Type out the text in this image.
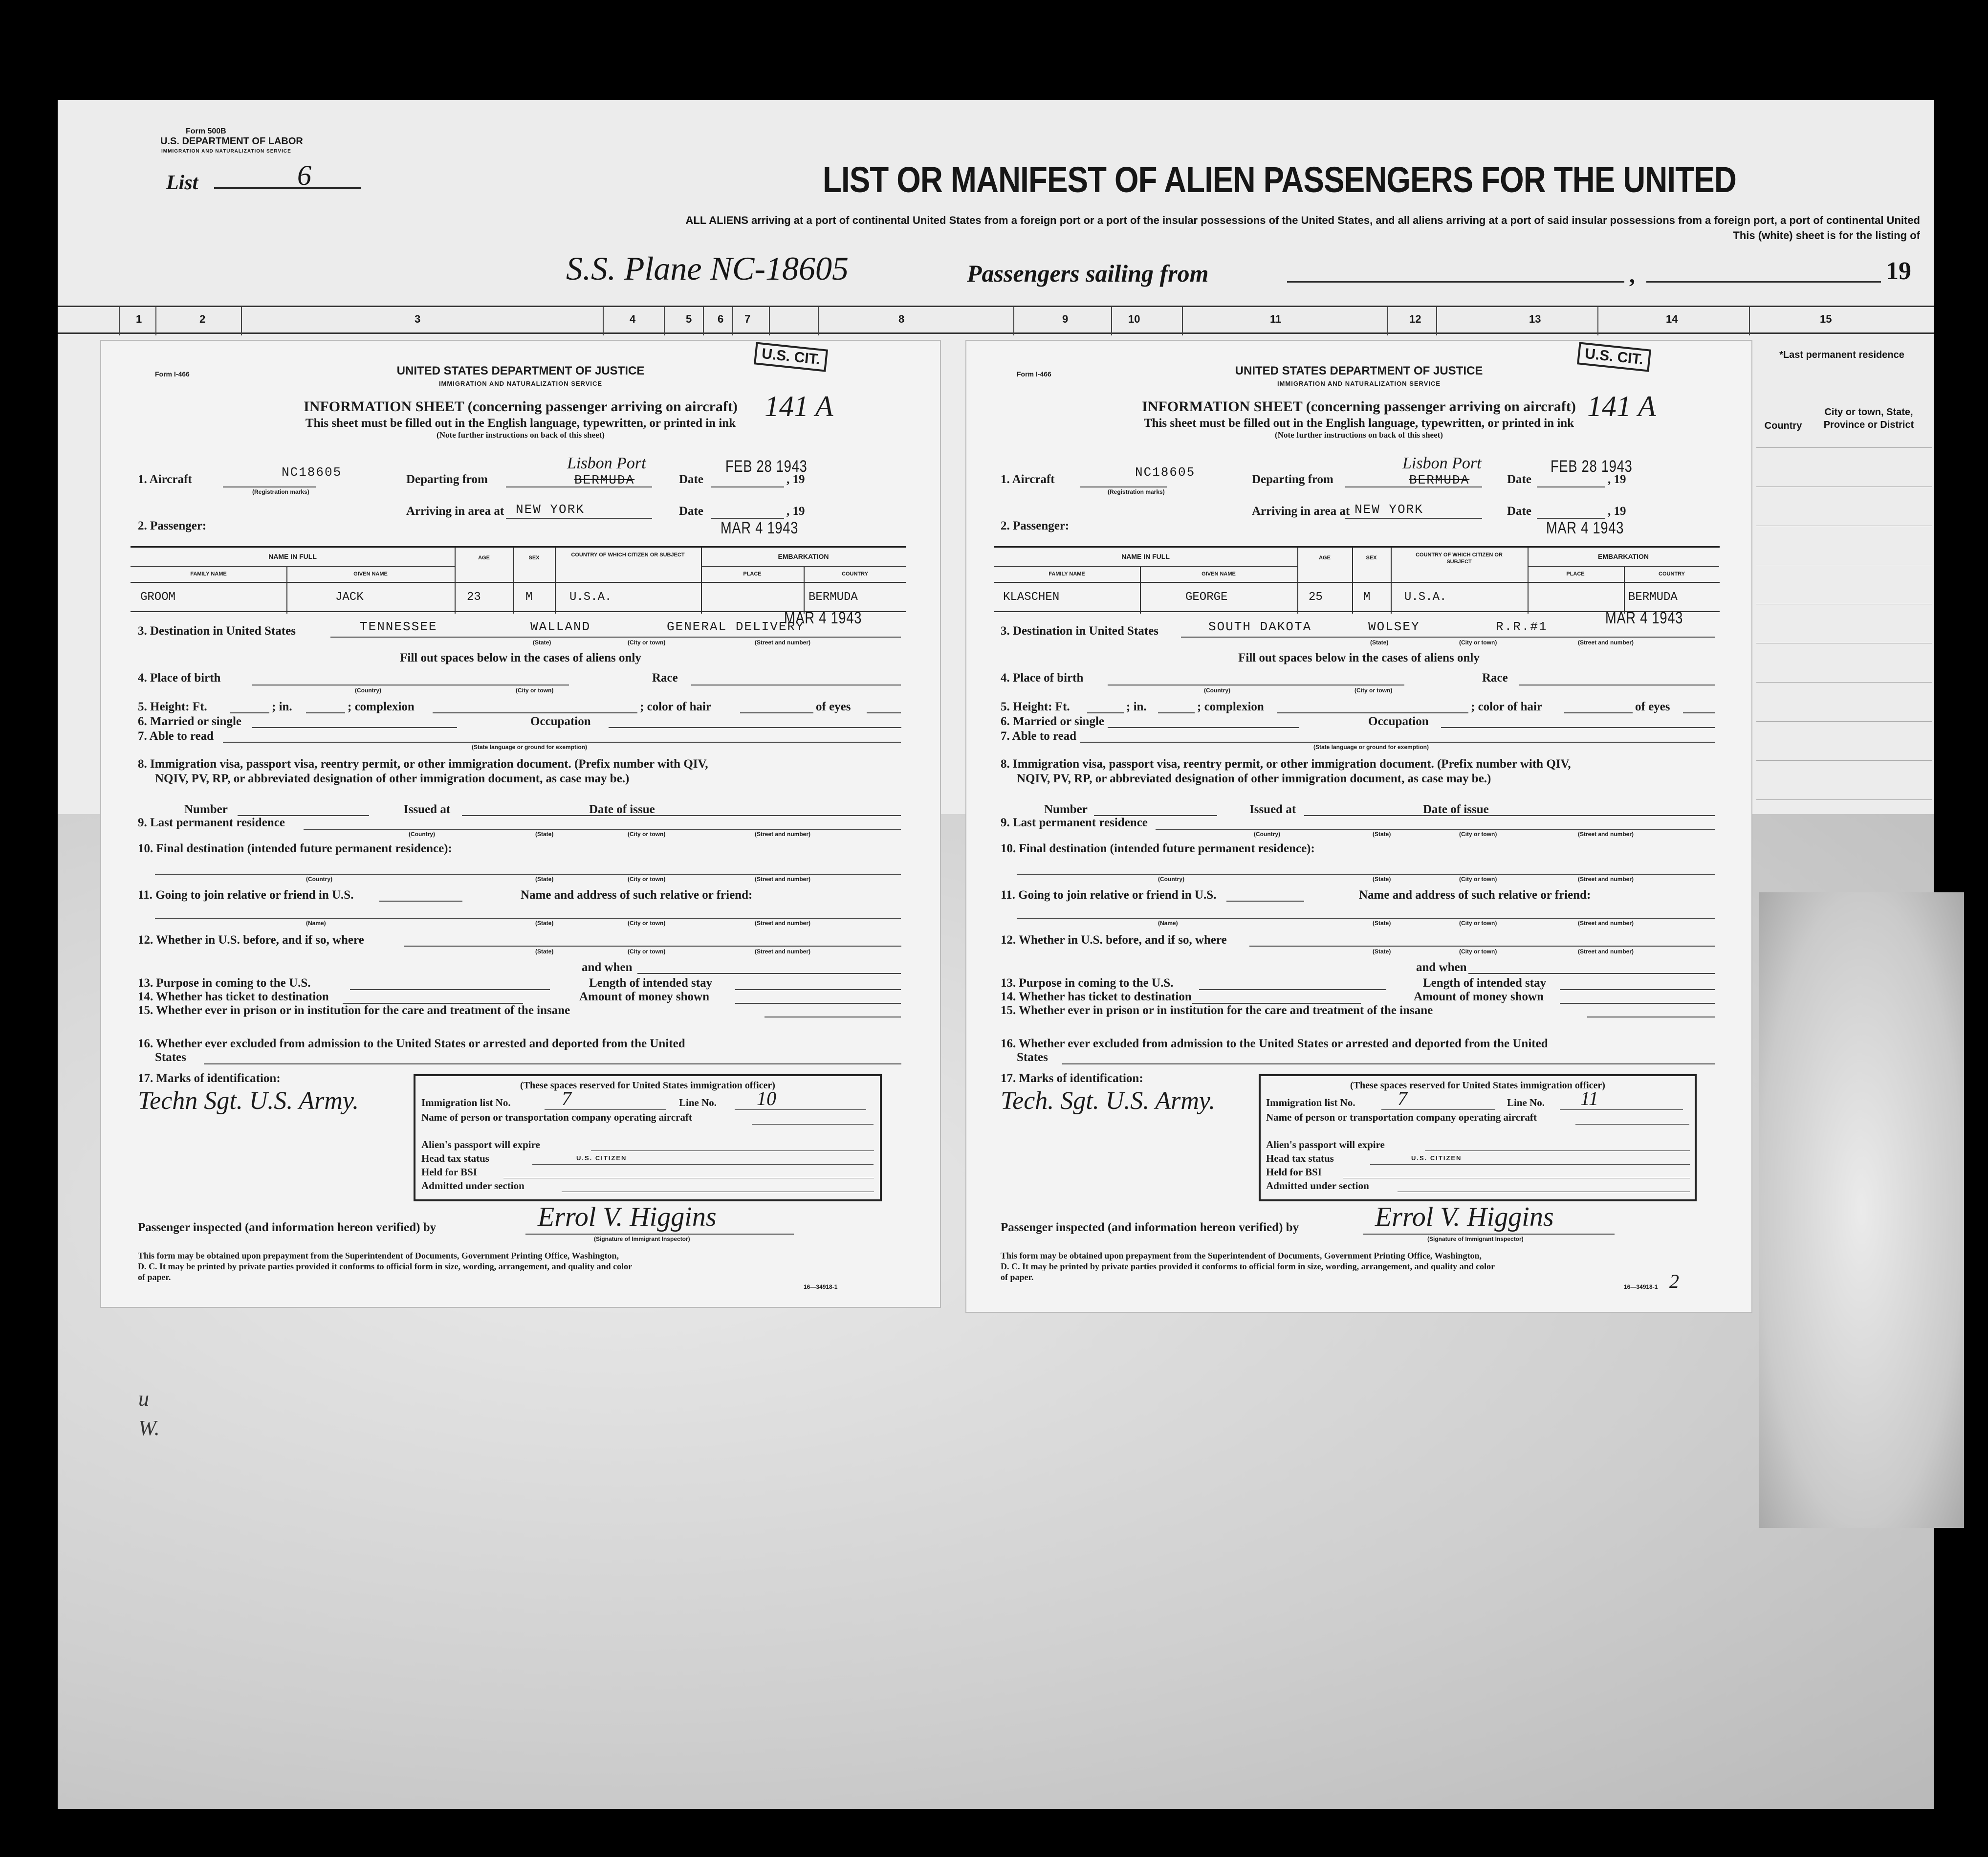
Form 500B
U.S. DEPARTMENT OF LABOR
IMMIGRATION AND NATURALIZATION SERVICE
List	6	LIST OR MANIFEST OF ALIEN PASSENGERS FOR THE UNITED
ALL ALIENS arriving at a port of continental United States from a foreign port or a port of the insular possessions of the United States, and all aliens arriving at a port of said insular possessions from a foreign port, a port of continental United
This (white) sheet is for the listing of
S.S. Plane NC-18605	Passengers sailing from	,	19
1	2	3	4	5 6 7	8	9	10	11	12	13	14	15
*Last permanent residence
Country
City or town, State, Province or District
u
W.
Form I-466	UNITED STATES DEPARTMENT OF JUSTICE
IMMIGRATION AND NATURALIZATION SERVICE
INFORMATION SHEET (concerning passenger arriving on aircraft)
This sheet must be filled out in the English language, typewritten, or printed in ink
(Note further instructions on back of this sheet)
141 A
1. Aircraft	NC18605
(Registration marks)
Departing from	BERMUDA
Lisbon Port
Date	, 19
FEB 28 1943
Arriving in area at NEW YORK	Date	, 19
MAR 4 1943
2. Passenger:
3. Destination in United States	TENNESSEE	WALLAND	GENERAL DELIVERY
MAR 4 1943
(State)	(City or town)	(Street and number)
Fill out spaces below in the cases of aliens only
4. Place of birth	Race
(Country)	(City or town)
5. Height: Ft.	; in.	; complexion	; color of hair	of eyes
6. Married or single	Occupation
7. Able to read
(State language or ground for exemption)
8. Immigration visa, passport visa, reentry permit, or other immigration document. (Prefix number with QIV,
NQIV, PV, RP, or abbreviated designation of other immigration document, as case may be.)
Number	Issued at	Date of issue
9. Last permanent residence
(Country)	(State)	(City or town)	(Street and number)
10. Final destination (intended future permanent residence):
(Country)	(State)	(City or town)	(Street and number)
11. Going to join relative or friend in U.S.	Name and address of such relative or friend:
(Name)	(State)	(City or town)	(Street and number)
12. Whether in U.S. before, and if so, where
(State)	(City or town)	(Street and number)
and when
13. Purpose in coming to the U.S.	Length of intended stay
14. Whether has ticket to destination	Amount of money shown
15. Whether ever in prison or in institution for the care and treatment of the insane
16. Whether ever excluded from admission to the United States or arrested and deported from the United
States
17. Marks of identification:
Techn Sgt. U.S. Army.
Passenger inspected (and information hereon verified) by	Errol V. Higgins
(Signature of Immigrant Inspector)
This form may be obtained upon prepayment from the Superintendent of Documents, Government Printing Office, Washington,
D. C. It may be printed by private parties provided it conforms to official form in size, wording, arrangement, and quality and color
of paper.
16—34918-1
U.S. CIT.
NAME IN FULL
FAMILY NAME	GIVEN NAME
AGE	SEX	COUNTRY OF WHICH CITIZEN OR SUBJECT	EMBARKATION
PLACE	COUNTRY
GROOM	JACK	23	M	U.S.A.	BERMUDA
(These spaces reserved for United States immigration officer)
Immigration list No.	7	Line No. 10
Name of person or transportation company operating aircraft
Alien's passport will expire
Head tax status	U.S. CITIZEN
Held for BSI
Admitted under section
Form I-466	UNITED STATES DEPARTMENT OF JUSTICE
IMMIGRATION AND NATURALIZATION SERVICE
INFORMATION SHEET (concerning passenger arriving on aircraft)
This sheet must be filled out in the English language, typewritten, or printed in ink
(Note further instructions on back of this sheet)
141 A
1. Aircraft	NC18605
(Registration marks)
Departing from	BERMUDA
Lisbon Port
Date	, 19
FEB 28 1943
Arriving in area at NEW YORK	Date	, 19
MAR 4 1943
2. Passenger:
3. Destination in United States	SOUTH DAKOTA	WOLSEY	R.R.#1	MAR 4 1943
(State)	(City or town)	(Street and number)
Fill out spaces below in the cases of aliens only
4. Place of birth	Race
(Country)	(City or town)
5. Height: Ft.	; in.	; complexion	; color of hair	of eyes
6. Married or single	Occupation
7. Able to read
(State language or ground for exemption)
8. Immigration visa, passport visa, reentry permit, or other immigration document. (Prefix number with QIV,
NQIV, PV, RP, or abbreviated designation of other immigration document, as case may be.)
Number	Issued at	Date of issue
9. Last permanent residence
(Country)	(State)	(City or town)	(Street and number)
10. Final destination (intended future permanent residence):
(Country)	(State)	(City or town)	(Street and number)
11. Going to join relative or friend in U.S.	Name and address of such relative or friend:
(Name)	(State)	(City or town)	(Street and number)
12. Whether in U.S. before, and if so, where
(State)	(City or town)	(Street and number)
and when
13. Purpose in coming to the U.S.	Length of intended stay
14. Whether has ticket to destination	Amount of money shown
15. Whether ever in prison or in institution for the care and treatment of the insane
16. Whether ever excluded from admission to the United States or arrested and deported from the United
States
17. Marks of identification:
Tech. Sgt. U.S. Army.
Passenger inspected (and information hereon verified) by	Errol V. Higgins
(Signature of Immigrant Inspector)
This form may be obtained upon prepayment from the Superintendent of Documents, Government Printing Office, Washington,
D. C. It may be printed by private parties provided it conforms to official form in size, wording, arrangement, and quality and color
of paper.
16—34918-1 2
U.S. CIT.
NAME IN FULL
FAMILY NAME	GIVEN NAME
AGE	SEX	COUNTRY OF WHICH CITIZEN OR SUBJECT
EMBARKATION
PLACE	COUNTRY
KLASCHEN	GEORGE	25	M	U.S.A.	BERMUDA
(These spaces reserved for United States immigration officer)
Immigration list No. 7	Line No. 11
Name of person or transportation company operating aircraft
Alien's passport will expire
Head tax status	U.S. CITIZEN
Held for BSI
Admitted under section
